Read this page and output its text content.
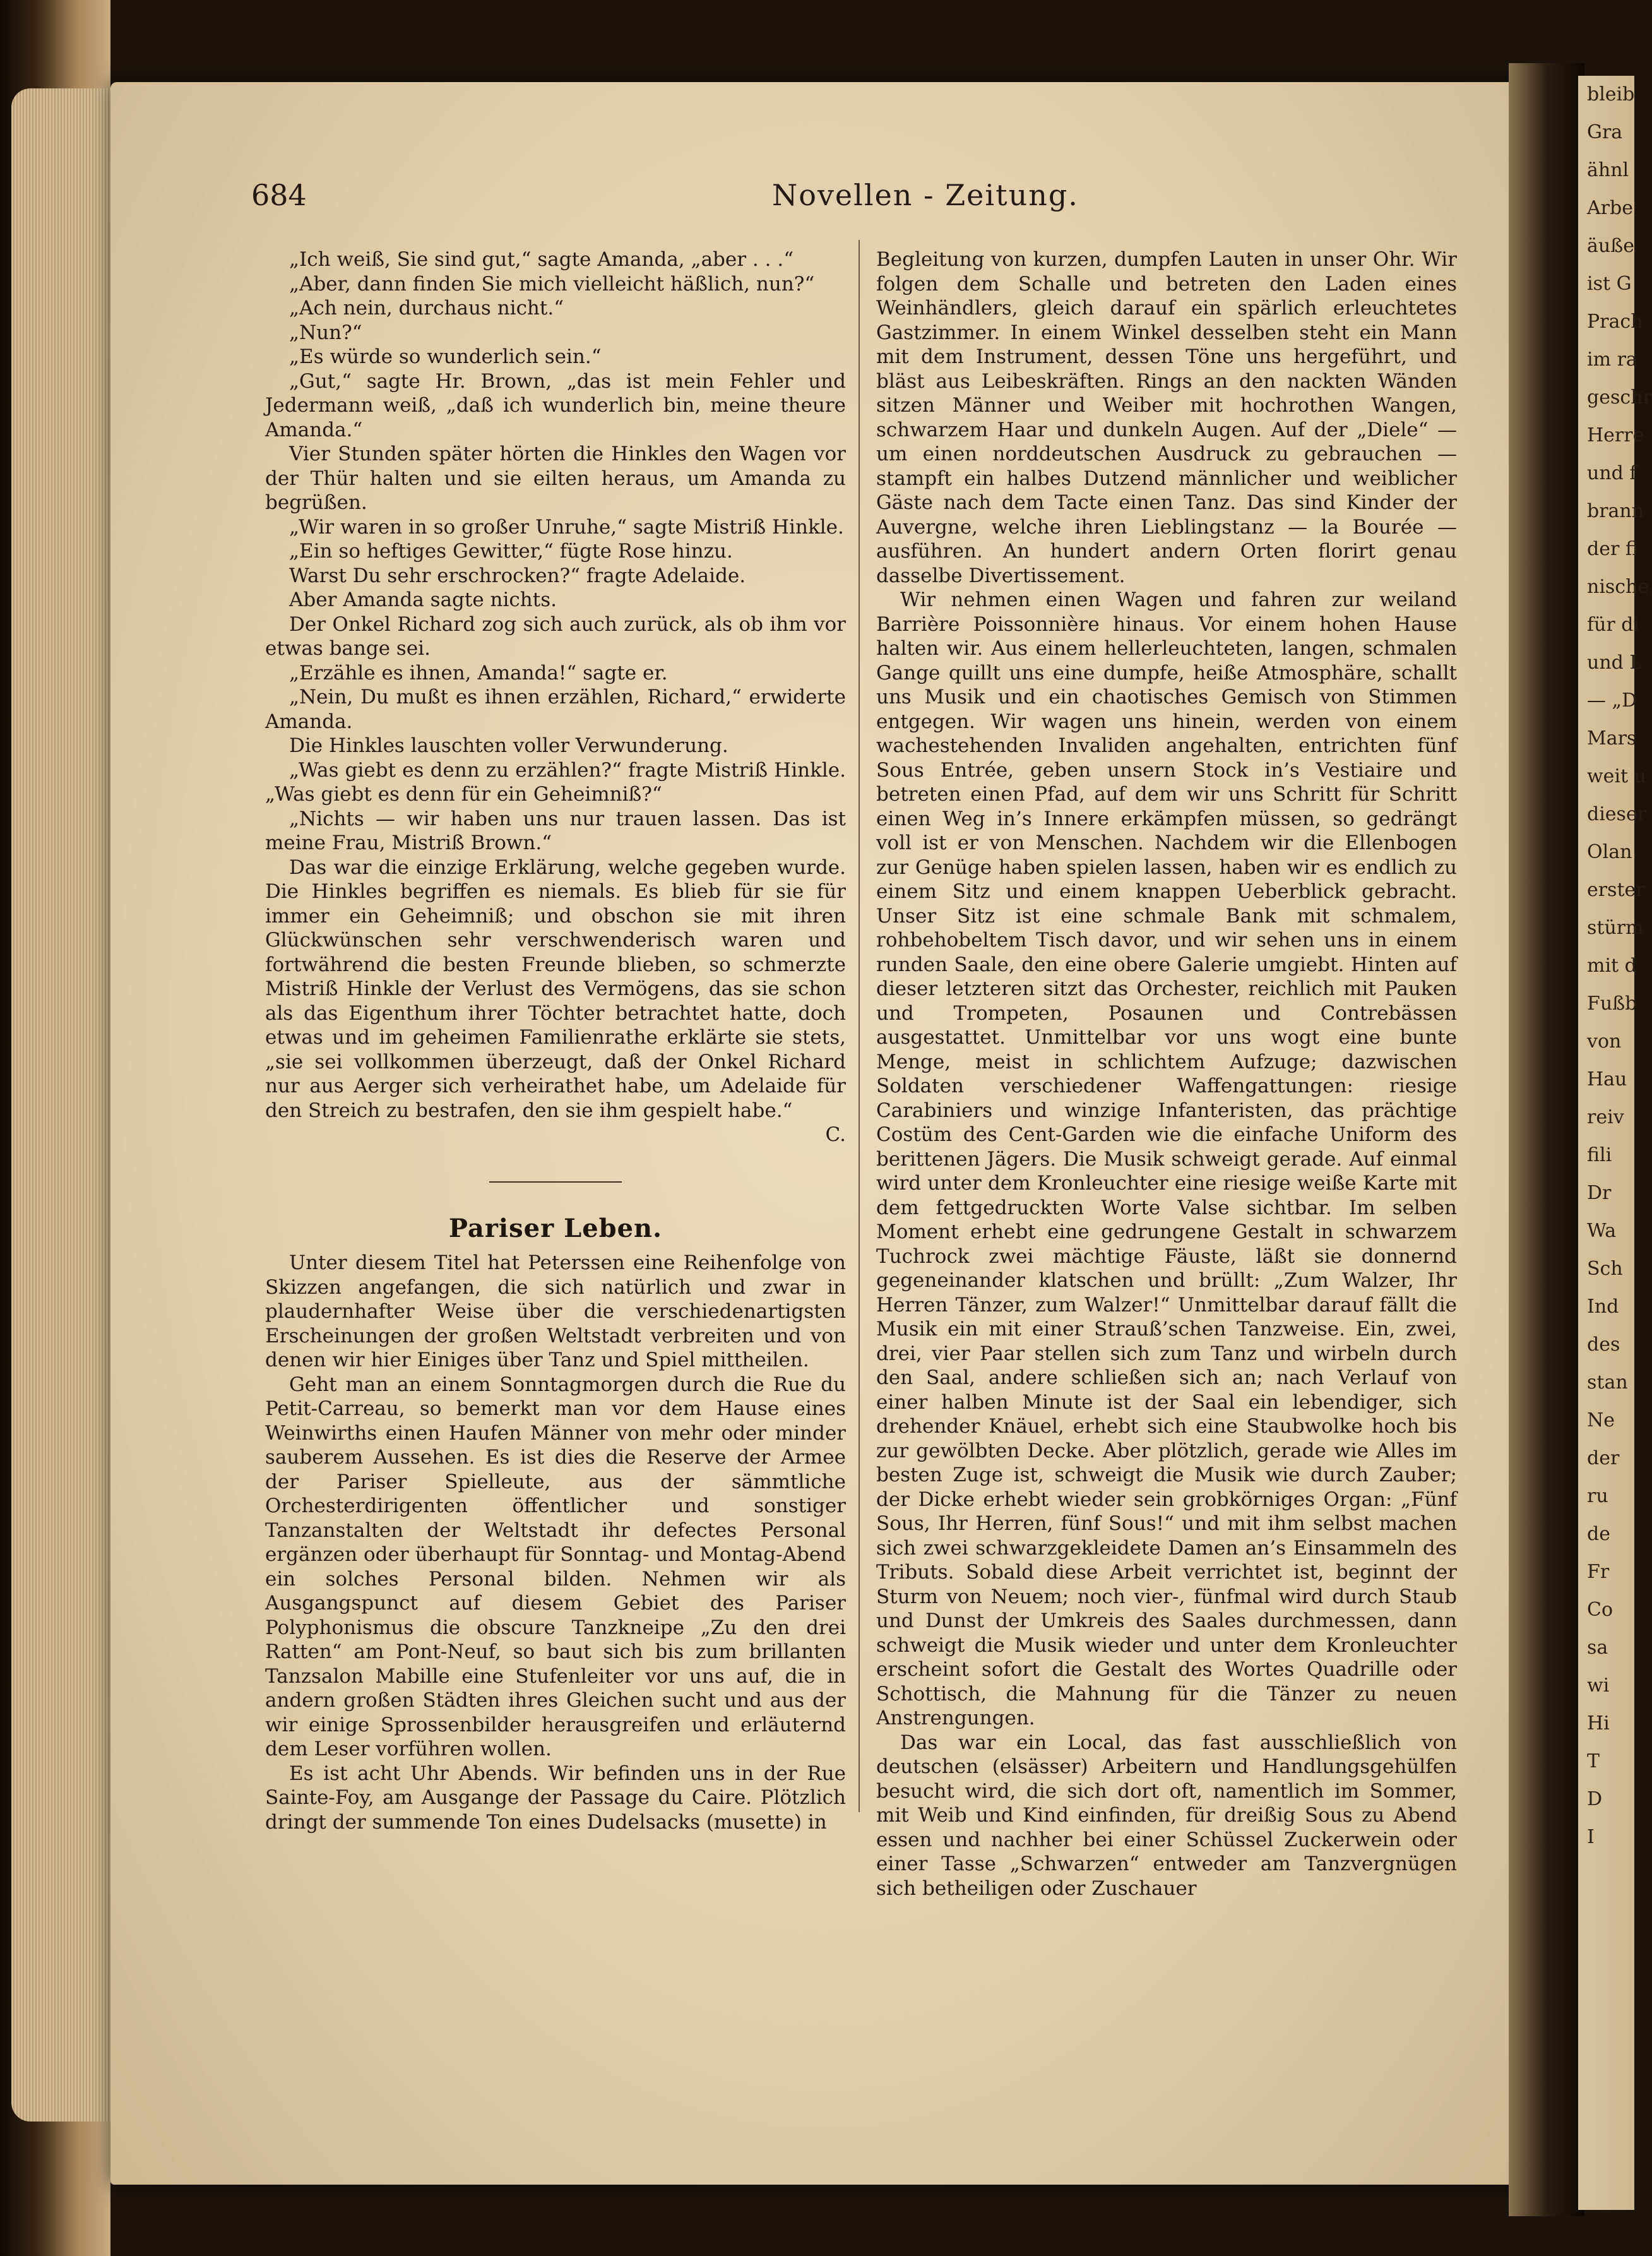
bleib

Gra

ähnl

Arbe

äuße

ist G

Prach

im ra

geschr

Herre

und f

brann

der fi

nische

für di

und L

— „D

Mars

weit u

dieser

Olan

erster

stürm

mit d

Fußb

von

Hau

reiv

fili

Dr

Wa

Sch

Ind

des

stan

Ne

der

ru

de

Fr

Co

sa

wi

Hi

T

D

I

684	Novellen - Zeitung.

„Ich weiß, Sie sind gut,“ sagte Amanda, „aber . . .“

„Aber, dann finden Sie mich vielleicht häßlich, nun?“

„Ach nein, durchaus nicht.“

„Nun?“

„Es würde so wunderlich sein.“

„Gut,“ sagte Hr. Brown, „das ist mein Fehler und Jedermann weiß, „daß ich wunderlich bin, meine theure Amanda.“

Vier Stunden später hörten die Hinkles den Wagen vor der Thür halten und sie eilten heraus, um Amanda zu begrüßen.

„Wir waren in so großer Unruhe,“ sagte Mistriß Hinkle.

„Ein so heftiges Gewitter,“ fügte Rose hinzu.

Warst Du sehr erschrocken?“ fragte Adelaide.

Aber Amanda sagte nichts.

Der Onkel Richard zog sich auch zurück, als ob ihm vor etwas bange sei.

„Erzähle es ihnen, Amanda!“ sagte er.

„Nein, Du mußt es ihnen erzählen, Richard,“ erwiderte Amanda.

Die Hinkles lauschten voller Verwunderung.

„Was giebt es denn zu erzählen?“ fragte Mistriß Hinkle. „Was giebt es denn für ein Geheimniß?“

„Nichts — wir haben uns nur trauen lassen. Das ist meine Frau, Mistriß Brown.“

Das war die einzige Erklärung, welche gegeben wurde. Die Hinkles begriffen es niemals. Es blieb für sie für immer ein Geheimniß; und obschon sie mit ihren Glückwünschen sehr verschwenderisch waren und fortwährend die besten Freunde blieben, so schmerzte Mistriß Hinkle der Verlust des Vermögens, das sie schon als das Eigenthum ihrer Töchter betrachtet hatte, doch etwas und im geheimen Familienrathe erklärte sie stets, „sie sei vollkommen überzeugt, daß der Onkel Richard nur aus Aerger sich verheirathet habe, um Adelaide für den Streich zu bestrafen, den sie ihm gespielt habe.“

C.
Pariser Leben.

Unter diesem Titel hat Peterssen eine Reihenfolge von Skizzen angefangen, die sich natürlich und zwar in plaudernhafter Weise über die verschiedenartigsten Erscheinungen der großen Weltstadt verbreiten und von denen wir hier Einiges über Tanz und Spiel mittheilen.

Geht man an einem Sonntagmorgen durch die Rue du Petit-Carreau, so bemerkt man vor dem Hause eines Weinwirths einen Haufen Männer von mehr oder minder sauberem Aussehen. Es ist dies die Reserve der Armee der Pariser Spielleute, aus der sämmtliche Orchesterdirigenten öffentlicher und sonstiger Tanzanstalten der Weltstadt ihr defectes Personal ergänzen oder überhaupt für Sonntag- und Montag-Abend ein solches Personal bilden. Nehmen wir als Ausgangspunct auf diesem Gebiet des Pariser Polyphonismus die obscure Tanzkneipe „Zu den drei Ratten“ am Pont-Neuf, so baut sich bis zum brillanten Tanzsalon Mabille eine Stufenleiter vor uns auf, die in andern großen Städten ihres Gleichen sucht und aus der wir einige Sprossenbilder herausgreifen und erläuternd dem Leser vorführen wollen.

Es ist acht Uhr Abends. Wir befinden uns in der Rue Sainte-Foy, am Ausgange der Passage du Caire. Plötzlich dringt der summende Ton eines Dudelsacks (musette) in

Begleitung von kurzen, dumpfen Lauten in unser Ohr. Wir folgen dem Schalle und betreten den Laden eines Weinhändlers, gleich darauf ein spärlich erleuchtetes Gastzimmer. In einem Winkel desselben steht ein Mann mit dem Instrument, dessen Töne uns hergeführt, und bläst aus Leibeskräften. Rings an den nackten Wänden sitzen Männer und Weiber mit hochrothen Wangen, schwarzem Haar und dunkeln Augen. Auf der „Diele“ — um einen norddeutschen Ausdruck zu gebrauchen — stampft ein halbes Dutzend männlicher und weiblicher Gäste nach dem Tacte einen Tanz. Das sind Kinder der Auvergne, welche ihren Lieblingstanz — la Bourée — ausführen. An hundert andern Orten florirt genau dasselbe Divertissement.

Wir nehmen einen Wagen und fahren zur weiland Barrière Poissonnière hinaus. Vor einem hohen Hause halten wir. Aus einem hellerleuchteten, langen, schmalen Gange quillt uns eine dumpfe, heiße Atmosphäre, schallt uns Musik und ein chaotisches Gemisch von Stimmen entgegen. Wir wagen uns hinein, werden von einem wachestehenden Invaliden angehalten, entrichten fünf Sous Entrée, geben unsern Stock in’s Vestiaire und betreten einen Pfad, auf dem wir uns Schritt für Schritt einen Weg in’s Innere erkämpfen müssen, so gedrängt voll ist er von Menschen. Nachdem wir die Ellenbogen zur Genüge haben spielen lassen, haben wir es endlich zu einem Sitz und einem knappen Ueberblick gebracht. Unser Sitz ist eine schmale Bank mit schmalem, rohbehobeltem Tisch davor, und wir sehen uns in einem runden Saale, den eine obere Galerie umgiebt. Hinten auf dieser letzteren sitzt das Orchester, reichlich mit Pauken und Trompeten, Posaunen und Contrebässen ausgestattet. Unmittelbar vor uns wogt eine bunte Menge, meist in schlichtem Aufzuge; dazwischen Soldaten verschiedener Waffengattungen: riesige Carabiniers und winzige Infanteristen, das prächtige Costüm des Cent-Garden wie die einfache Uniform des berittenen Jägers. Die Musik schweigt gerade. Auf einmal wird unter dem Kronleuchter eine riesige weiße Karte mit dem fettgedruckten Worte Valse sichtbar. Im selben Moment erhebt eine gedrungene Gestalt in schwarzem Tuchrock zwei mächtige Fäuste, läßt sie donnernd gegeneinander klatschen und brüllt: „Zum Walzer, Ihr Herren Tänzer, zum Walzer!“ Unmittelbar darauf fällt die Musik ein mit einer Strauß’schen Tanzweise. Ein, zwei, drei, vier Paar stellen sich zum Tanz und wirbeln durch den Saal, andere schließen sich an; nach Verlauf von einer halben Minute ist der Saal ein lebendiger, sich drehender Knäuel, erhebt sich eine Staubwolke hoch bis zur gewölbten Decke. Aber plötzlich, gerade wie Alles im besten Zuge ist, schweigt die Musik wie durch Zauber; der Dicke erhebt wieder sein grobkörniges Organ: „Fünf Sous, Ihr Herren, fünf Sous!“ und mit ihm selbst machen sich zwei schwarzgekleidete Damen an’s Einsammeln des Tributs. Sobald diese Arbeit verrichtet ist, beginnt der Sturm von Neuem; noch vier-, fünfmal wird durch Staub und Dunst der Umkreis des Saales durchmessen, dann schweigt die Musik wieder und unter dem Kronleuchter erscheint sofort die Gestalt des Wortes Quadrille oder Schottisch, die Mahnung für die Tänzer zu neuen Anstrengungen.

Das war ein Local, das fast ausschließlich von deutschen (elsässer) Arbeitern und Handlungsgehülfen besucht wird, die sich dort oft, namentlich im Sommer, mit Weib und Kind einfinden, für dreißig Sous zu Abend essen und nachher bei einer Schüssel Zuckerwein oder einer Tasse „Schwarzen“ entweder am Tanzvergnügen sich betheiligen oder Zuschauer
